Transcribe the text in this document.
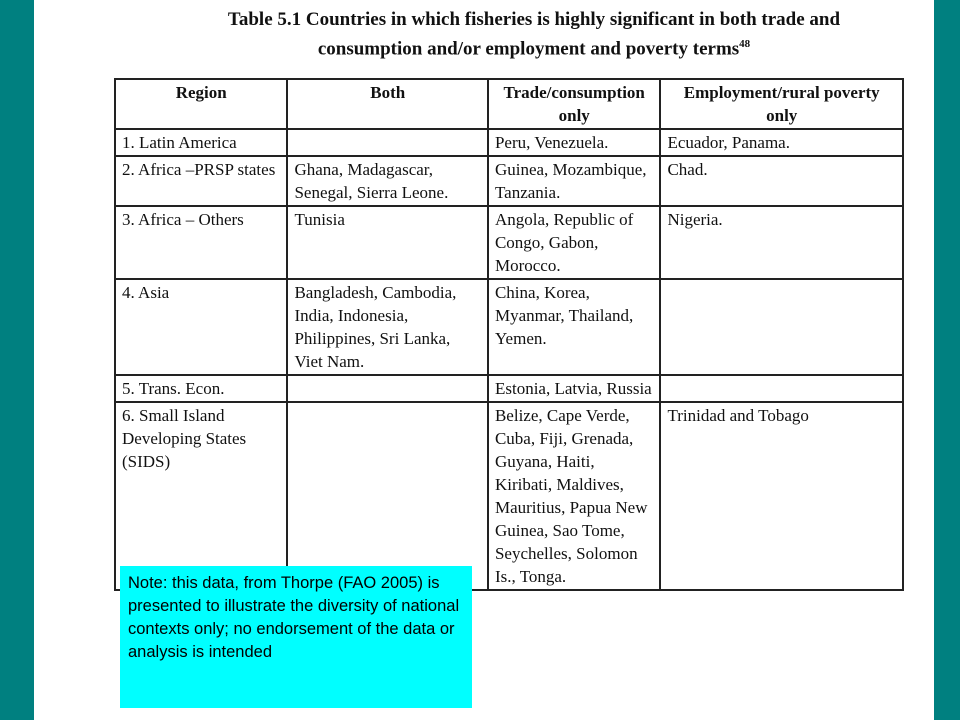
Table 5.1 Countries in which fisheries is highly significant in both trade and
consumption and/or employment and poverty terms$^{48}$
Region	Both	Trade/consumption only	Employment/rural poverty only
1. Latin America		Peru, Venezuela.	Ecuador, Panama.
2. Africa –PRSP states	Ghana, Madagascar, Senegal, Sierra Leone.	Guinea, Mozambique, Tanzania.	Chad.
3. Africa – Others	Tunisia	Angola, Republic of Congo, Gabon, Morocco.	Nigeria.
4. Asia	Bangladesh, Cambodia, India, Indonesia, Philippines, Sri Lanka, Viet Nam.	China, Korea, Myanmar, Thailand, Yemen.	
5. Trans. Econ.		Estonia, Latvia, Russia	
6. Small Island Developing States (SIDS)		Belize, Cape Verde, Cuba, Fiji, Grenada, Guyana, Haiti, Kiribati, Maldives, Mauritius, Papua New Guinea, Sao Tome, Seychelles, Solomon Is., Tonga.	Trinidad and Tobago
Note: this data, from Thorpe (FAO 2005) is presented to illustrate the diversity of national contexts only; no endorsement of the data or analysis is intended
